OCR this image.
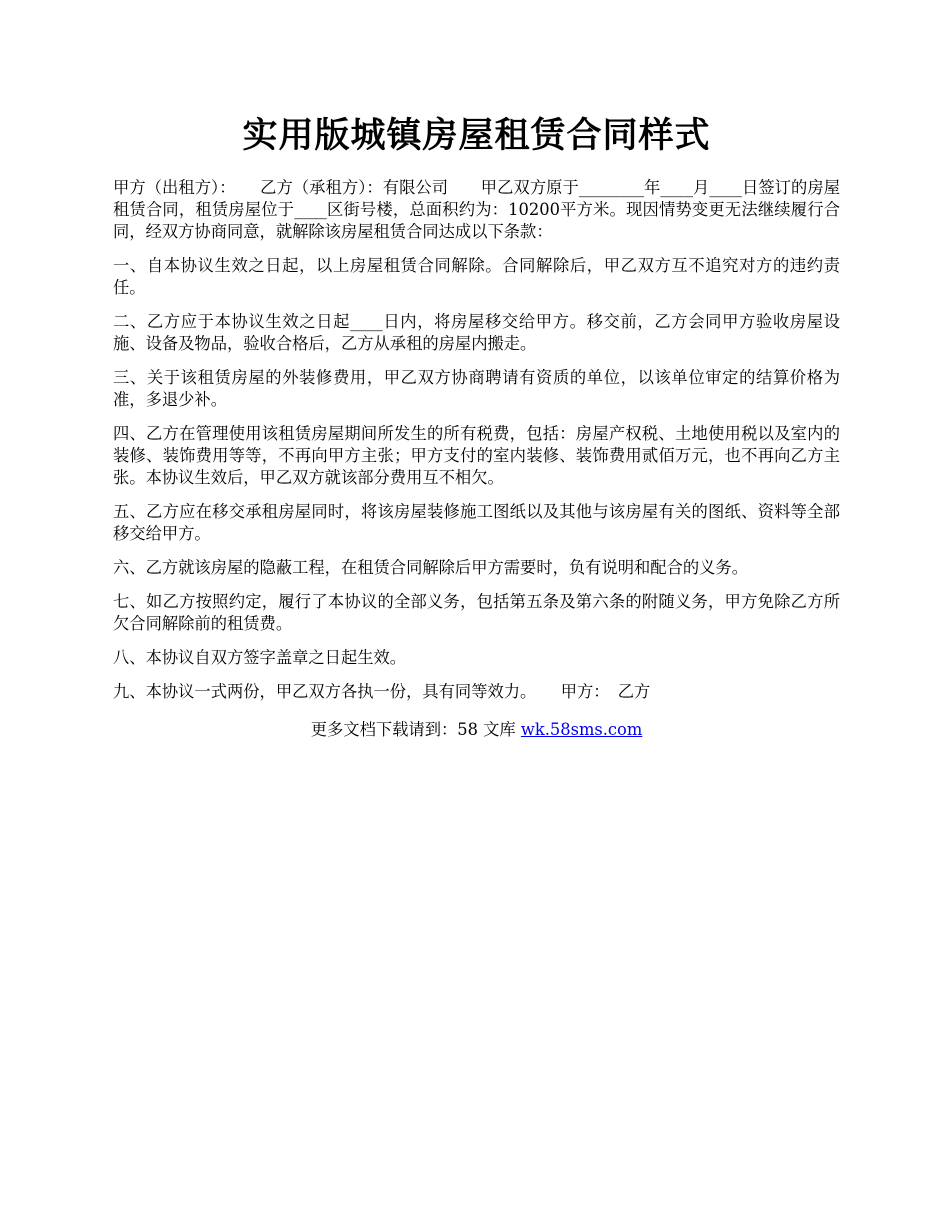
实用版城镇房屋租赁合同样式

甲方（出租方）：　　乙方（承租方）：有限公司　　甲乙双方原于________年____月____日签订的房屋租赁合同，租赁房屋位于____区街号楼，总面积约为：10200平方米。现因情势变更无法继续履行合同，经双方协商同意，就解除该房屋租赁合同达成以下条款：

一、自本协议生效之日起，以上房屋租赁合同解除。合同解除后，甲乙双方互不追究对方的违约责任。

二、乙方应于本协议生效之日起____日内，将房屋移交给甲方。移交前，乙方会同甲方验收房屋设施、设备及物品，验收合格后，乙方从承租的房屋内搬走。

三、关于该租赁房屋的外装修费用，甲乙双方协商聘请有资质的单位，以该单位审定的结算价格为准，多退少补。

四、乙方在管理使用该租赁房屋期间所发生的所有税费，包括：房屋产权税、土地使用税以及室内的装修、装饰费用等等，不再向甲方主张；甲方支付的室内装修、装饰费用贰佰万元，也不再向乙方主张。本协议生效后，甲乙双方就该部分费用互不相欠。

五、乙方应在移交承租房屋同时，将该房屋装修施工图纸以及其他与该房屋有关的图纸、资料等全部移交给甲方。

六、乙方就该房屋的隐蔽工程，在租赁合同解除后甲方需要时，负有说明和配合的义务。

七、如乙方按照约定，履行了本协议的全部义务，包括第五条及第六条的附随义务，甲方免除乙方所欠合同解除前的租赁费。

八、本协议自双方签字盖章之日起生效。

九、本协议一式两份，甲乙双方各执一份，具有同等效力。　　甲方：　乙方

更多文档下载请到：58 文库 wk.58sms.com
